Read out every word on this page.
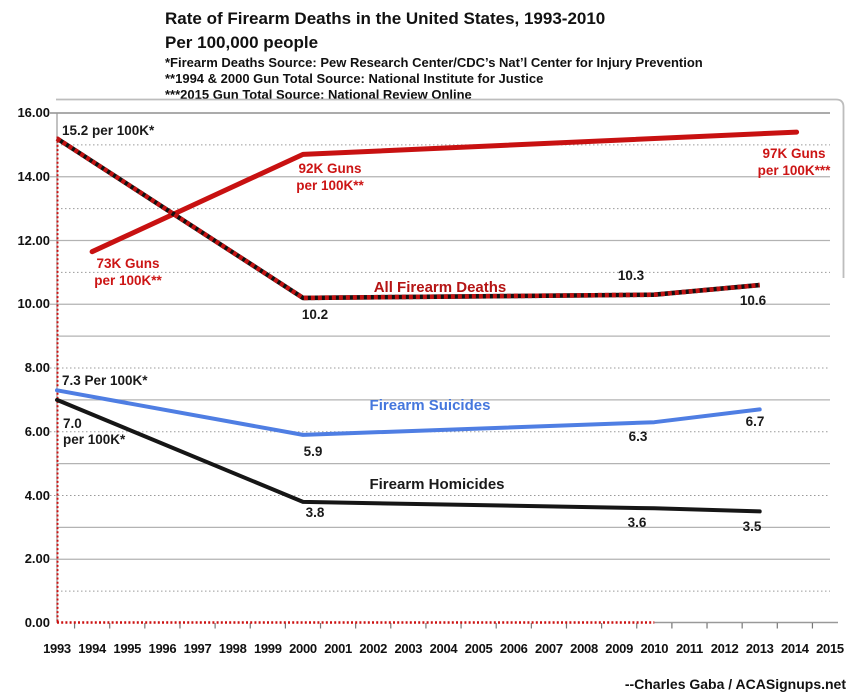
Rate of Firearm Deaths in the United States, 1993-2010
Per 100,000 people
*Firearm Deaths Source: Pew Research Center/CDC’s Nat’l Center for Injury Prevention
**1994 & 2000 Gun Total Source: National Institute for Justice
***2015 Gun Total Source: National Review Online
16.00
14.00
12.00
10.00
8.00
6.00
4.00
2.00
0.00
1993 1994 1995 1996 1997 1998 1999 2000 2001 2002 2003 2004 2005 2006 2007 2008 2009 2010 2011 2012 2013 2014 2015
15.2 per 100K*
73K Guns
per 100K**
92K Guns
per 100K**
97K Guns
per 100K***
All Firearm Deaths
10.2
10.3
10.6
7.3 Per 100K*
7.0
per 100K*
Firearm Suicides
5.9
6.3
6.7
Firearm Homicides
3.8
3.6	3.5
--Charles Gaba / ACASignups.net
